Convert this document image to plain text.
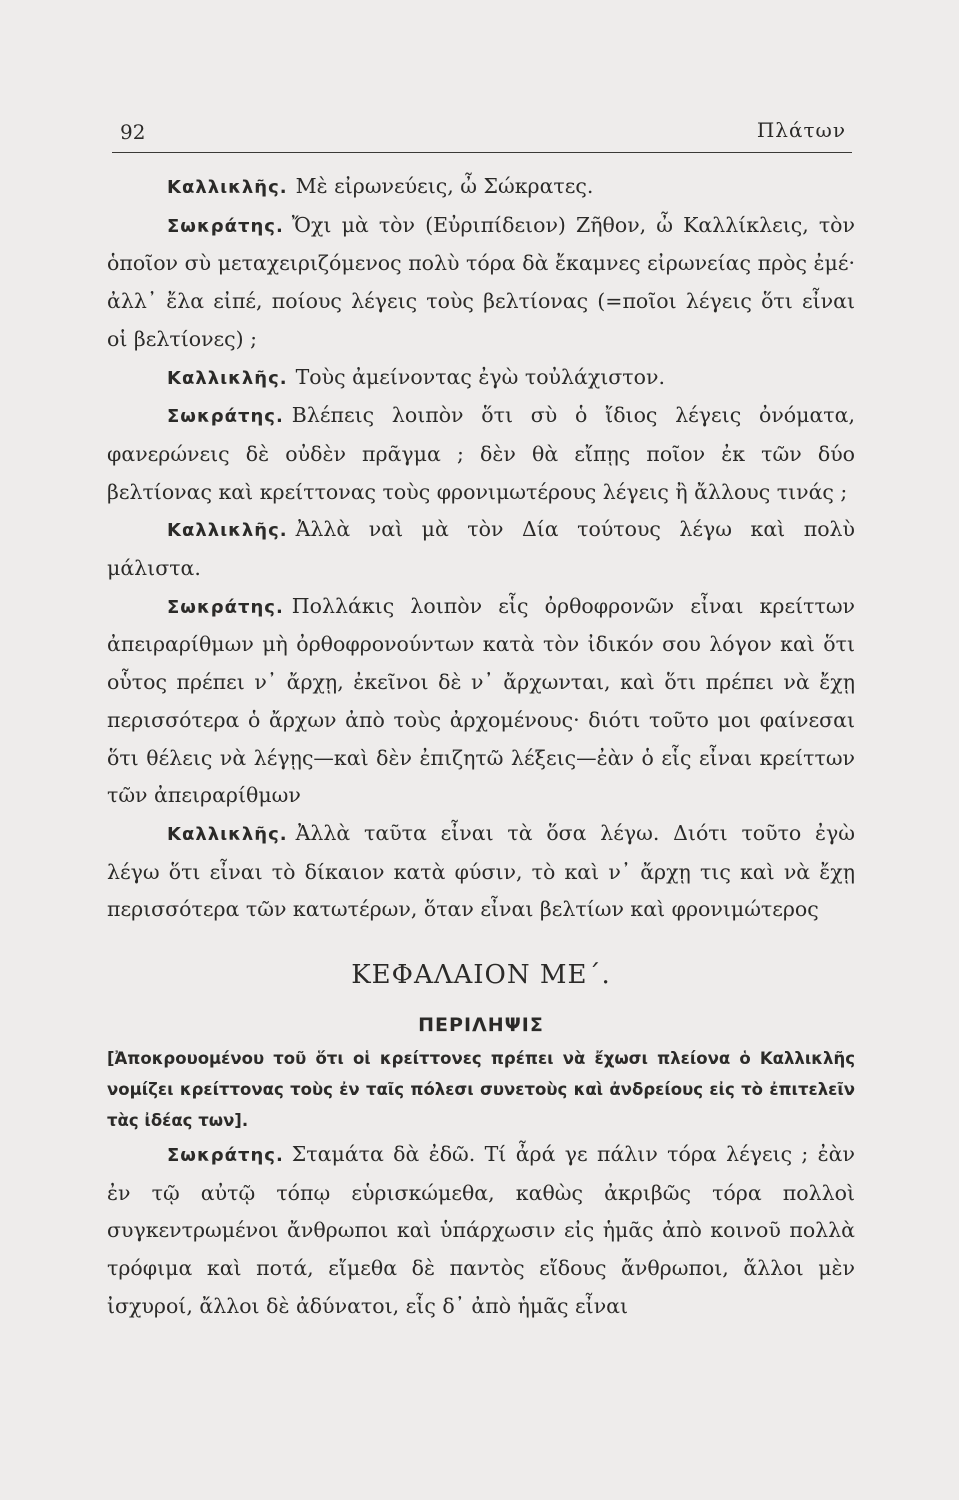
92	Πλάτων

Καλλικλῆς. Μὲ εἰρωνεύεις, ὦ Σώκρατες.

Σωκράτης. Ὄχι μὰ τὸν (Εὐριπίδειον) Ζῆθον, ὦ Καλλίκλεις, τὸν ὁποῖον σὺ μεταχειριζόμενος πολὺ τόρα δὰ ἔκαμνες εἰρωνείας πρὸς ἐμέ· ἀλλ᾽ ἔλα εἰπέ, ποίους λέγεις τοὺς βελτίονας (=ποῖοι λέγεις ὅτι εἶναι οἱ βελτίονες) ;

Καλλικλῆς. Τοὺς ἀμείνοντας ἐγὼ τοὐλάχιστον.

Σωκράτης. Βλέπεις λοιπὸν ὅτι σὺ ὁ ἴδιος λέγεις ὀνόματα, φανερώνεις δὲ οὐδὲν πρᾶγμα ; δὲν θὰ εἴπῃς ποῖον ἐκ τῶν δύο βελτίονας καὶ κρείττονας τοὺς φρονιμωτέρους λέγεις ἢ ἄλλους τινάς ;

Καλλικλῆς. Ἀλλὰ ναὶ μὰ τὸν Δία τούτους λέγω καὶ πολὺ μάλιστα.

Σωκράτης. Πολλάκις λοιπὸν εἷς ὀρθοφρονῶν εἶναι κρείττων ἀπειραρίθμων μὴ ὀρθοφρονούντων κατὰ τὸν ἰδικόν σου λόγον καὶ ὅτι οὗτος πρέπει ν᾽ ἄρχῃ, ἐκεῖνοι δὲ ν᾽ ἄρχωνται, καὶ ὅτι πρέπει νὰ ἔχῃ περισσότερα ὁ ἄρχων ἀπὸ τοὺς ἀρχομένους· διότι τοῦτο μοι φαίνεσαι ὅτι θέλεις νὰ λέγῃς—καὶ δὲν ἐπιζητῶ λέξεις—ἐὰν ὁ εἷς εἶναι κρείττων τῶν ἀπειραρίθμων

Καλλικλῆς. Ἀλλὰ ταῦτα εἶναι τὰ ὅσα λέγω. Διότι τοῦτο ἐγὼ λέγω ὅτι εἶναι τὸ δίκαιον κατὰ φύσιν, τὸ καὶ ν᾽ ἄρχῃ τις καὶ νὰ ἔχῃ περισσότερα τῶν κατωτέρων, ὅταν εἶναι βελτίων καὶ φρονιμώτερος

ΚΕΦΑΛΑΙΟΝ ΜΕ΄.
ΠΕΡΙΛΗΨΙΣ

[Ἀποκρουομένου τοῦ ὅτι οἱ κρείττονες πρέπει νὰ ἔχωσι πλείονα ὁ Καλλικλῆς νομίζει κρείττονας τοὺς ἐν ταῖς πόλεσι συνετοὺς καὶ ἀνδρείους εἰς τὸ ἐπιτελεῖν τὰς ἰδέας των].

Σωκράτης. Σταμάτα δὰ ἐδῶ. Τί ἆρά γε πάλιν τόρα λέγεις ; ἐὰν ἐν τῷ αὐτῷ τόπῳ εὑρισκώμεθα, καθὼς ἀκριβῶς τόρα πολλοὶ συγκεντρωμένοι ἄνθρωποι καὶ ὑπάρχωσιν εἰς ἡμᾶς ἀπὸ κοινοῦ πολλὰ τρόφιμα καὶ ποτά, εἴμεθα δὲ παντὸς εἴδους ἄνθρωποι, ἄλλοι μὲν ἰσχυροί, ἄλλοι δὲ ἀδύνατοι, εἷς δ᾽ ἀπὸ ἡμᾶς εἶναι
